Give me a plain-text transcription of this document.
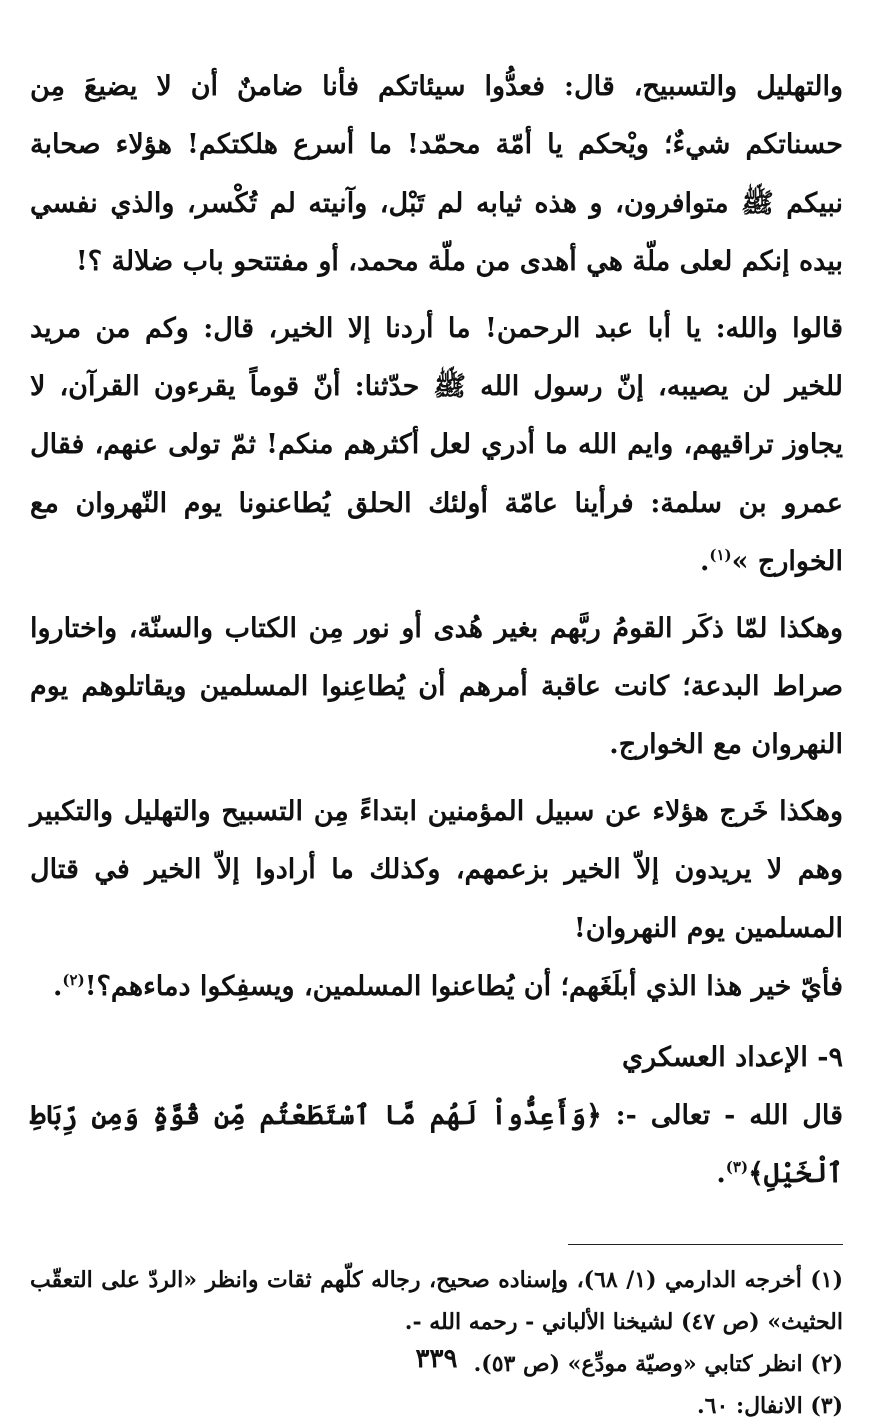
والتهليل والتسبيح، قال: فعدُّوا سيئاتكم فأنا ضامنٌ أن لا يضيعَ مِن حسناتكم شيءٌ؛ ويْحكم يا أمّة محمّد! ما أسرع هلكتكم! هؤلاء صحابة نبيكم ﷺ متوافرون، و هذه ثيابه لم تَبْل، وآنيته لم تُكْسر، والذي نفسي بيده إنكم لعلى ملّة هي أهدى من ملّة محمد، أو مفتتحو باب ضلالة ؟!

قالوا والله: يا أبا عبد الرحمن! ما أردنا إلا الخير، قال: وكم من مريد للخير لن يصيبه، إنّ رسول الله ﷺ حدّثنا: أنّ قوماً يقرءون القرآن، لا يجاوز تراقيهم، وايم الله ما أدري لعل أكثرهم منكم! ثمّ تولى عنهم، فقال عمرو بن سلمة: فرأينا عامّة أولئك الحلق يُطاعنونا يوم النّهروان مع الخوارج »$^{(١)}$.

وهكذا لمّا ذكَر القومُ ربَّهم بغير هُدى أو نور مِن الكتاب والسنّة، واختاروا صراط البدعة؛ كانت عاقبة أمرهم أن يُطاعِنوا المسلمين ويقاتلوهم يوم النهروان مع الخوارج.

وهكذا خَرج هؤلاء عن سبيل المؤمنين ابتداءً مِن التسبيح والتهليل والتكبير وهم لا يريدون إلاّ الخير بزعمهم، وكذلك ما أرادوا إلاّ الخير في قتال المسلمين يوم النهروان!

فأيّ خير هذا الذي أبلَغَهم؛ أن يُطاعنوا المسلمين، ويسفِكوا دماءهم؟!$^{(٢)}$.

٩- الإعداد العسكري

قال الله - تعالى -: ﴿وَأَعِدُّواْ لَهُم مَّا ٱسْتَطَعْتُم مِّن قُوَّةٍ وَمِن رِّبَاطِ ٱلْخَيْلِ﴾$^{(٣)}$.

(١) أخرجه الدارمي (١/ ٦٨)، وإسناده صحيح، رجاله كلّهم ثقات وانظر «الردّ على التعقّب الحثيث» (ص ٤٧) لشيخنا الألباني - رحمه الله -.

(٢) انظر كتابي «وصيّة مودِّع» (ص ٥٣).

(٣) الانفال: ٦٠.

٣٣٩
